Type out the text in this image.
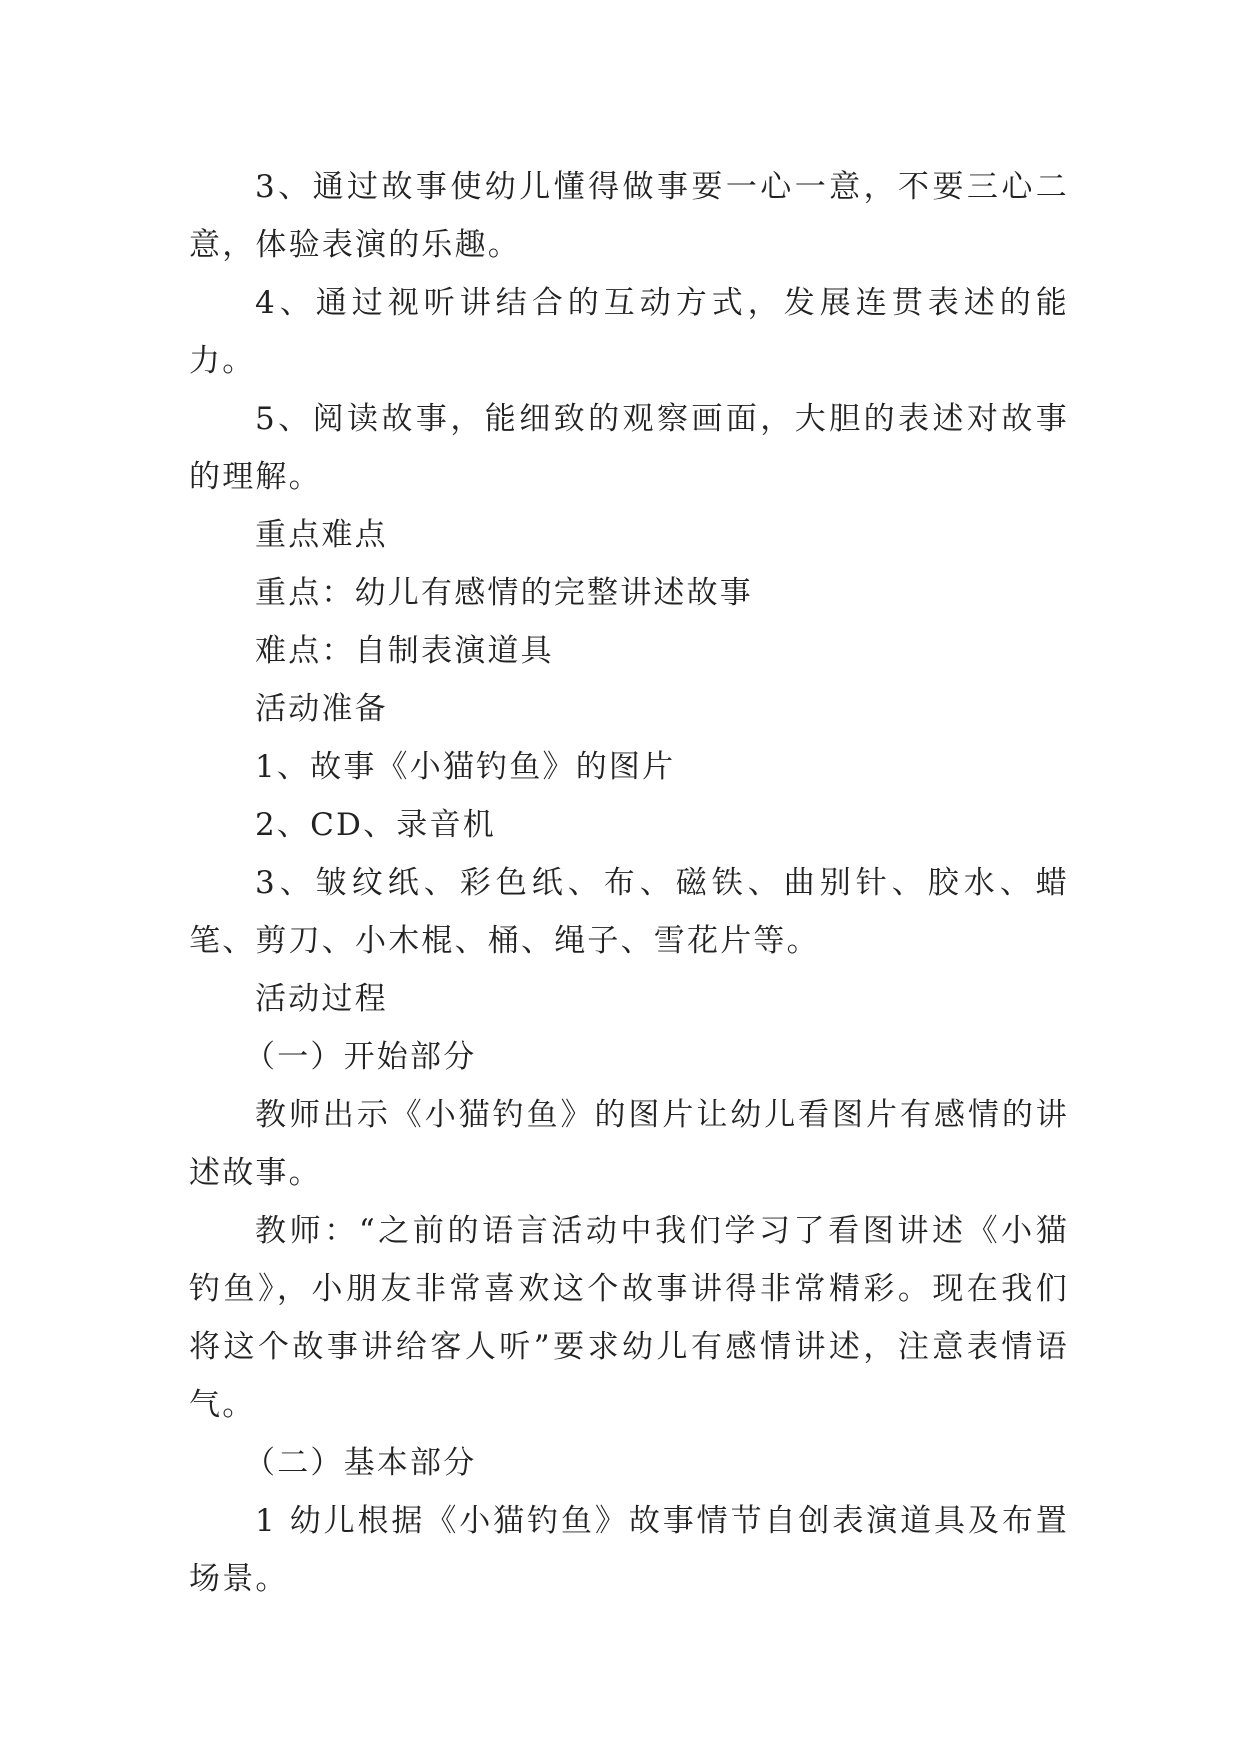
3、通过故事使幼儿懂得做事要一心一意，不要三心二意，体验表演的乐趣。

4、通过视听讲结合的互动方式，发展连贯表述的能力。

5、阅读故事，能细致的观察画面，大胆的表述对故事的理解。

重点难点

重点：幼儿有感情的完整讲述故事

难点：自制表演道具

活动准备

1、故事《小猫钓鱼》的图片

2、CD、录音机

3、皱纹纸、彩色纸、布、磁铁、曲别针、胶水、蜡笔、剪刀、小木棍、桶、绳子、雪花片等。

活动过程

（一）开始部分

教师出示《小猫钓鱼》的图片让幼儿看图片有感情的讲述故事。

教师：“之前的语言活动中我们学习了看图讲述《小猫钓鱼》，小朋友非常喜欢这个故事讲得非常精彩。现在我们将这个故事讲给客人听”要求幼儿有感情讲述，注意表情语气。

（二）基本部分

1 幼儿根据《小猫钓鱼》故事情节自创表演道具及布置场景。
